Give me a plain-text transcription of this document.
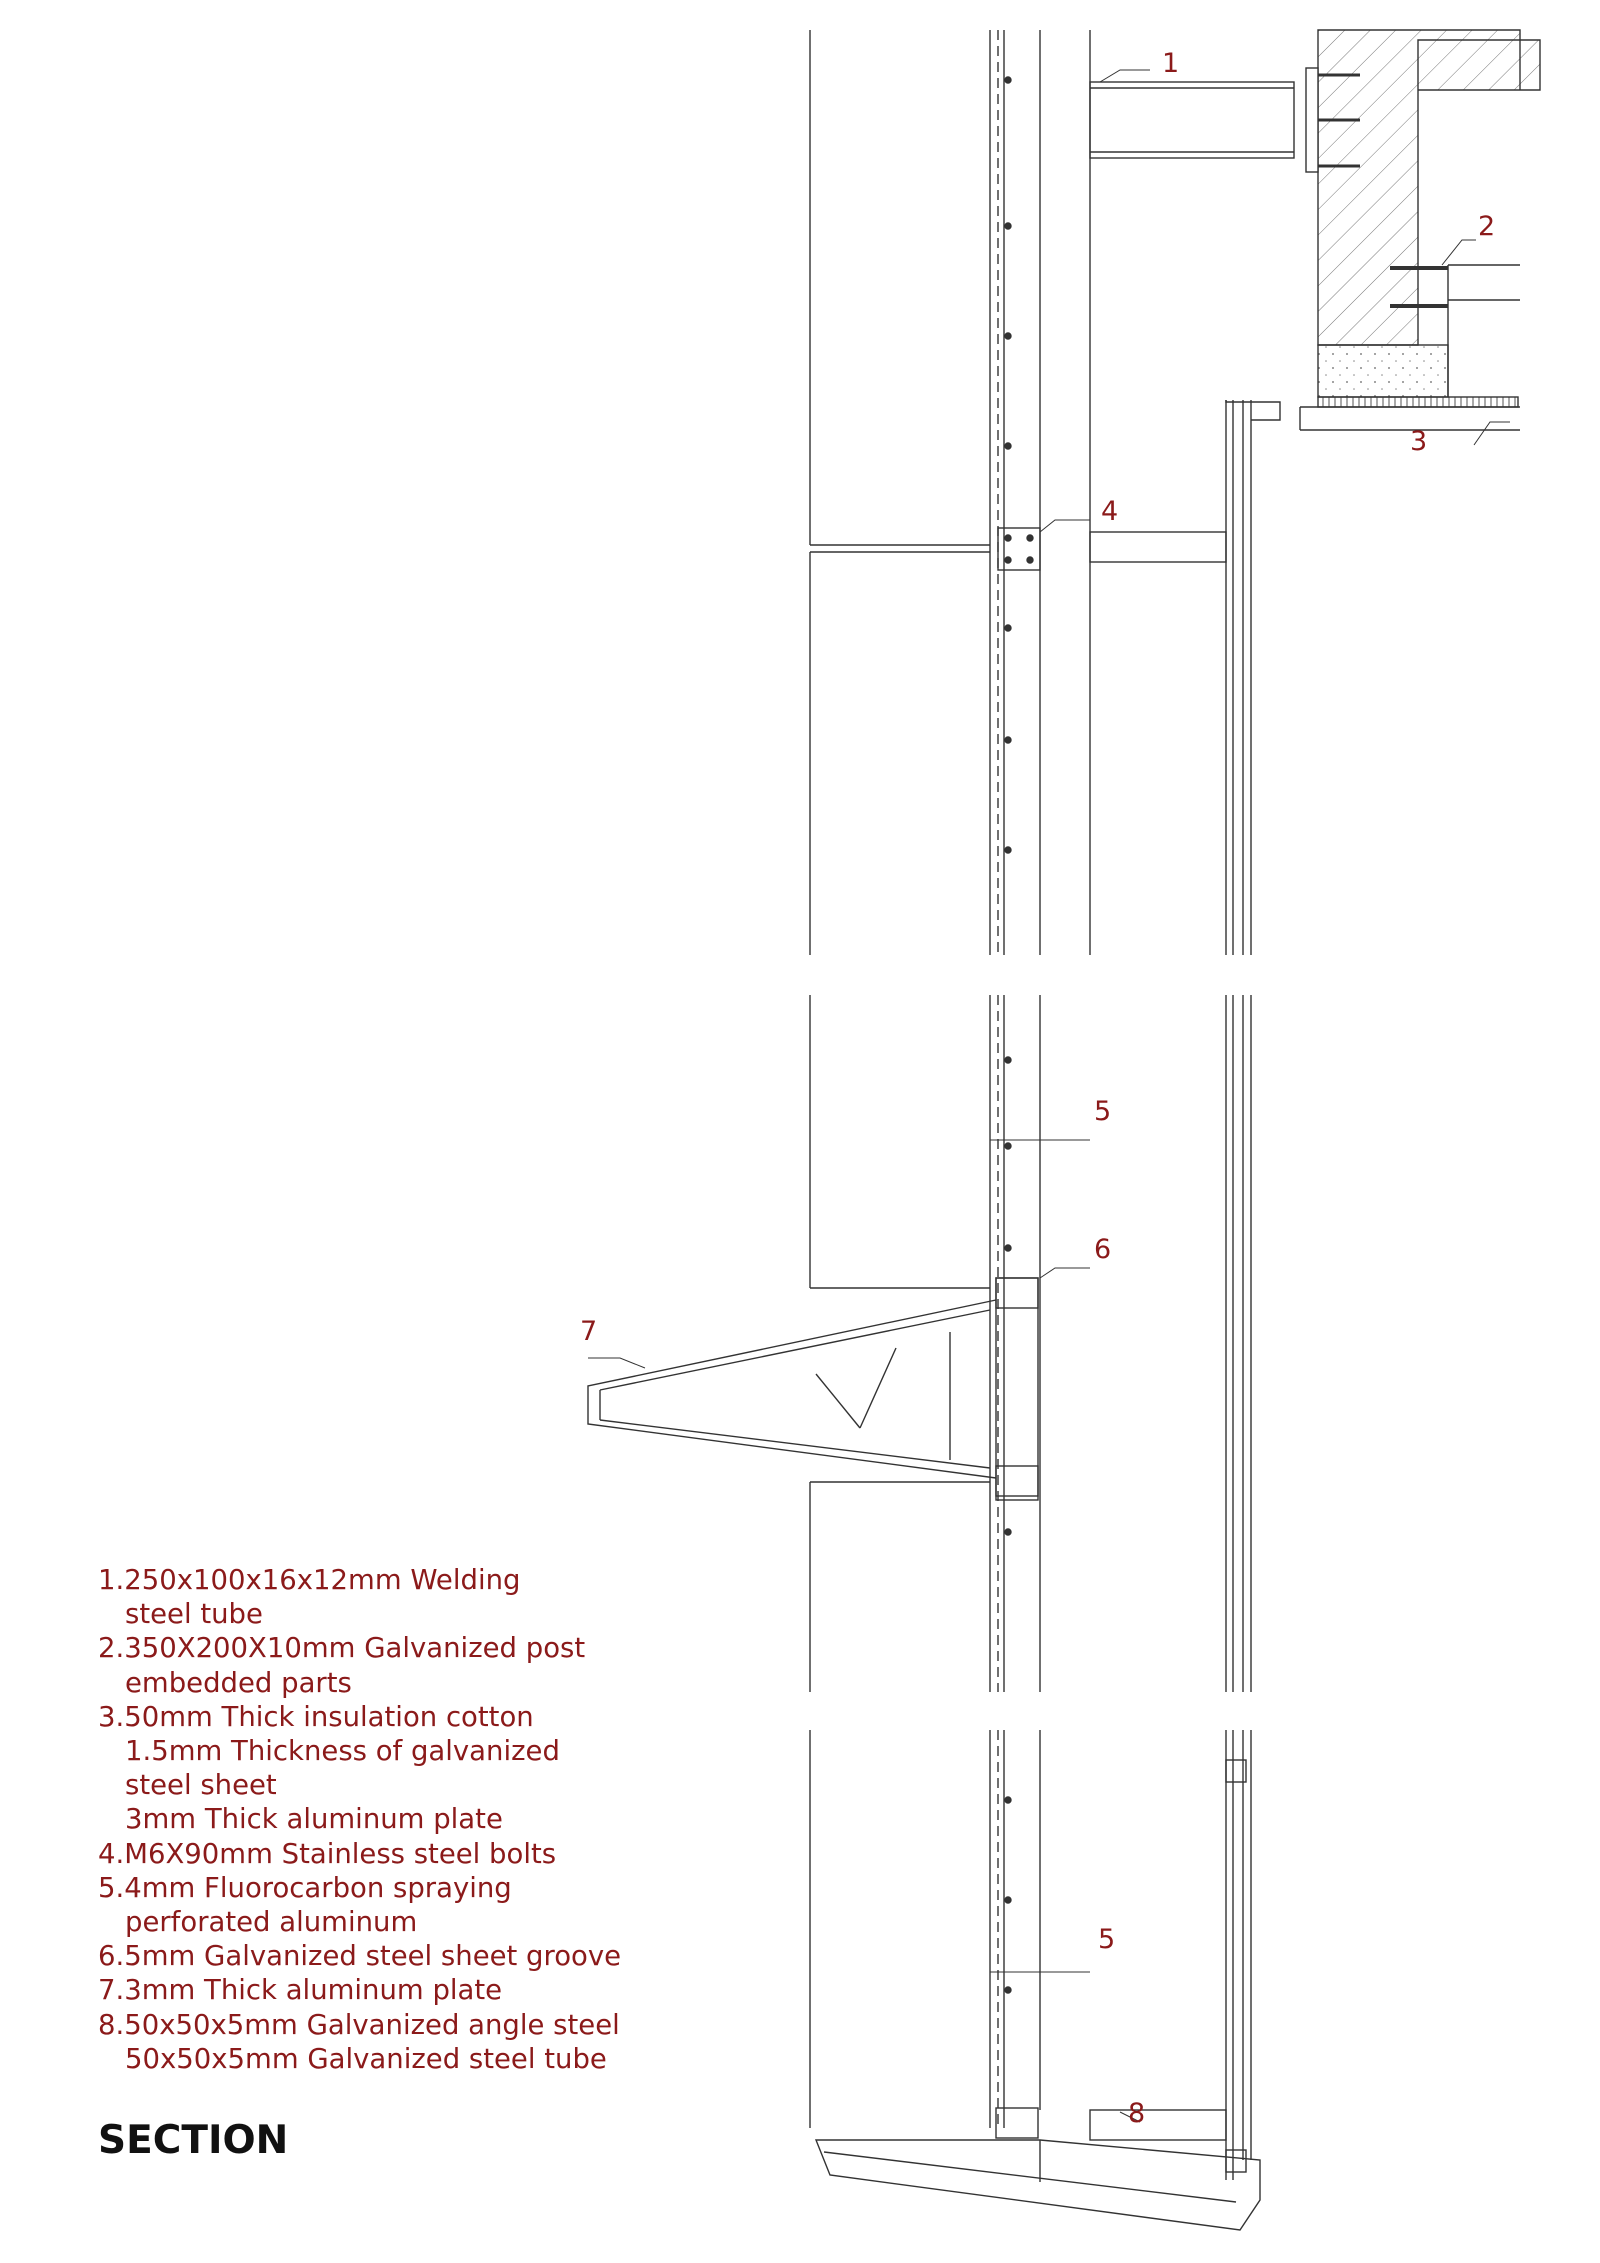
1
2
3
4
5
6
7
5
8
1.250x100x16x12mm Welding
steel tube
2.350X200X10mm Galvanized post
embedded parts
3.50mm Thick insulation cotton
1.5mm Thickness of galvanized
steel sheet
3mm Thick aluminum plate
4.M6X90mm Stainless steel bolts
5.4mm Fluorocarbon spraying
perforated aluminum
6.5mm Galvanized steel sheet groove
7.3mm Thick aluminum plate
8.50x50x5mm Galvanized angle steel
50x50x5mm Galvanized steel tube
SECTION
